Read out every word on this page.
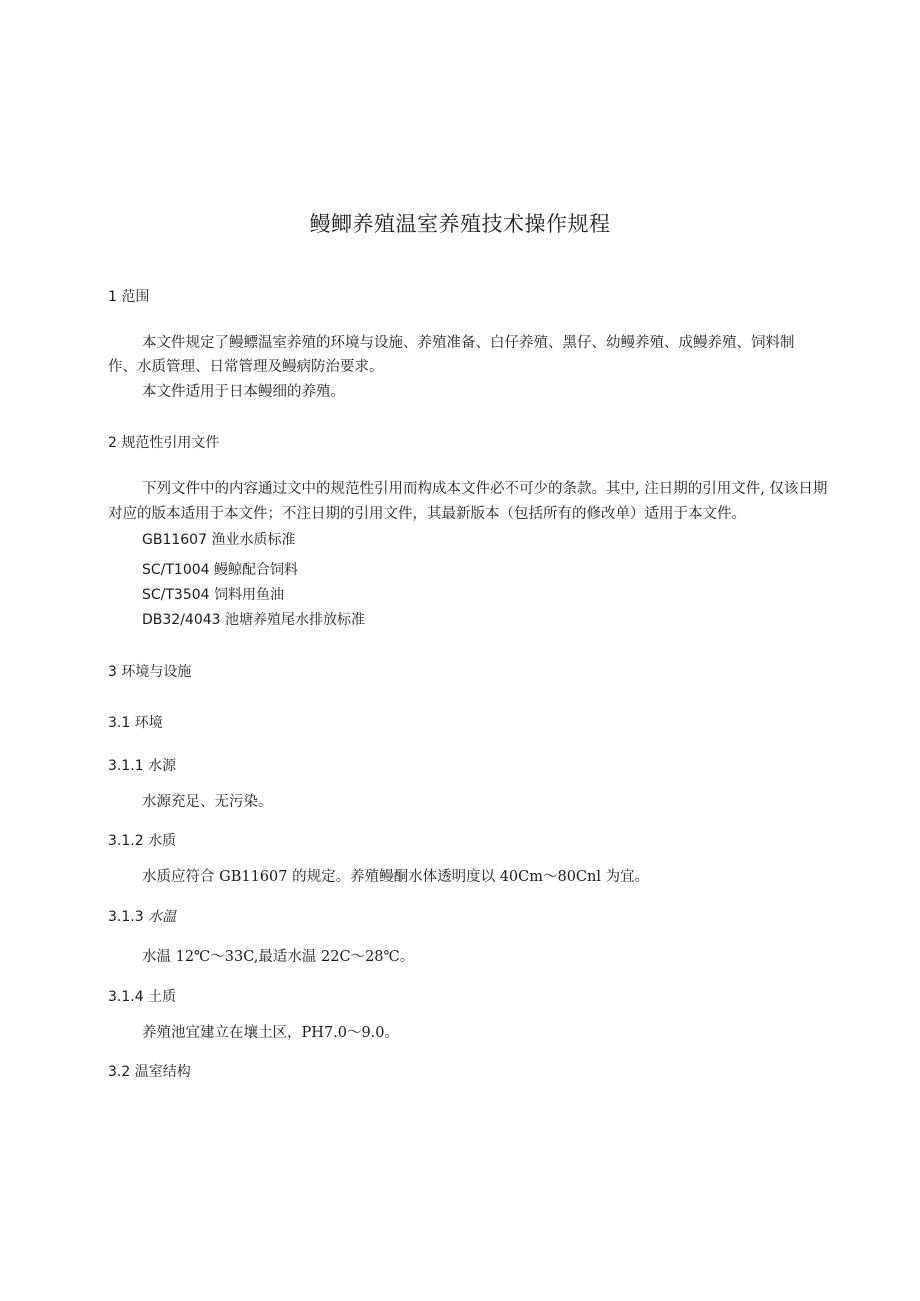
鳗鲫养殖温室养殖技术操作规程

1 范围

本文件规定了鳗鳔温室养殖的环境与设施、养殖准备、白仔养殖、黑仔、幼鳗养殖、成鳗养殖、饲料制

作、水质管理、日常管理及鳗病防治要求。

本文件适用于日本鳗细的养殖。

2 规范性引用文件

下列文件中的内容通过文中的规范性引用而构成本文件必不可少的条款。其中, 注日期的引用文件, 仅该日期

对应的版本适用于本文件；不注日期的引用文件，其最新版本（包括所有的修改单）适用于本文件。

GB11607 渔业水质标准

SC/T1004 鳗鲸配合饲料

SC/T3504 饲料用鱼油

DB32/4043 池塘养殖尾水排放标准

3 环境与设施

3.1 环境

3.1.1 水源

水源充足、无污染。

3.1.2 水质

水质应符合 GB11607 的规定。养殖鳗酮水体透明度以 40Cm～80Cnl 为宜。

3.1.3 水温

水温 12℃～33C,最适水温 22C～28℃。

3.1.4 土质

养殖池宜建立在壤土区，PH7.0～9.0。

3.2 温室结构
